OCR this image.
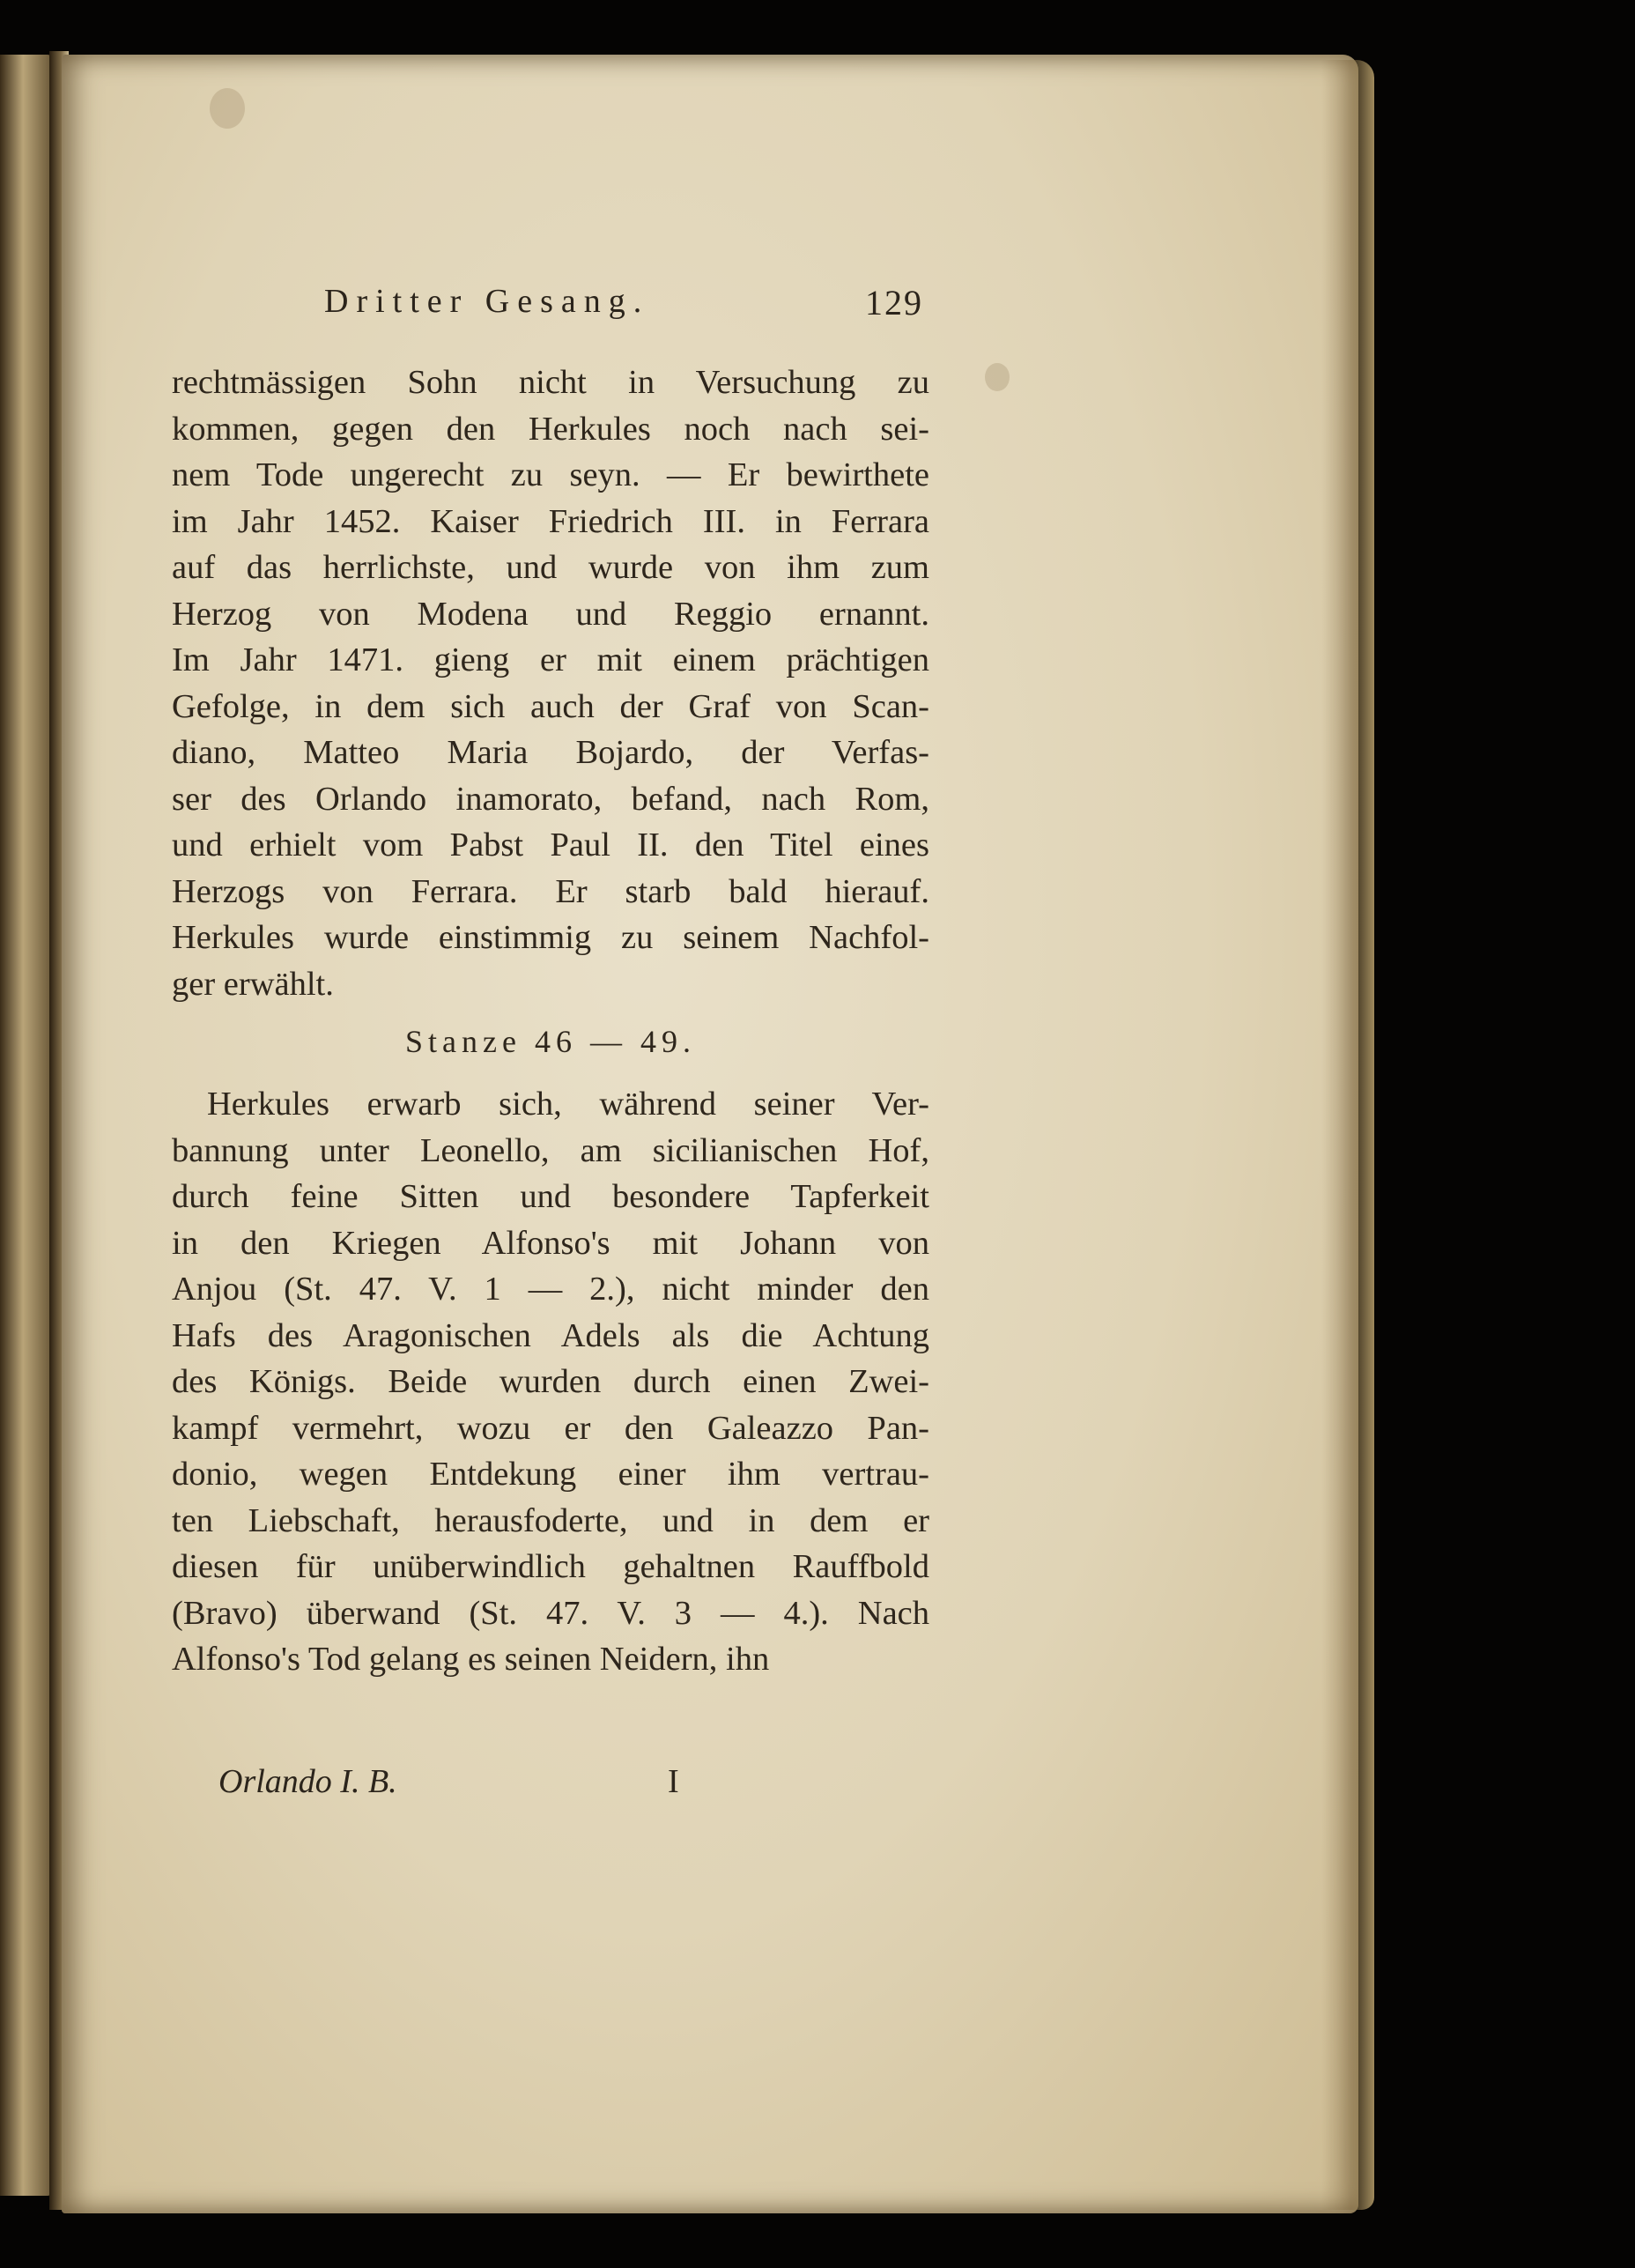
Dritter Gesang.	129
rechtmässigen Sohn nicht in Versuchung zu
kommen, gegen den Herkules noch nach sei-
nem Tode ungerecht zu seyn. — Er bewirthete
im Jahr 1452. Kaiser Friedrich III. in Ferrara
auf das herrlichste, und wurde von ihm zum
Herzog von Modena und Reggio ernannt.
Im Jahr 1471. gieng er mit einem prächtigen
Gefolge, in dem sich auch der Graf von Scan-
diano, Matteo Maria Bojardo, der Verfas-
ser des Orlando inamorato, befand, nach Rom,
und erhielt vom Pabst Paul II. den Titel eines
Herzogs von Ferrara. Er starb bald hierauf.
Herkules wurde einstimmig zu seinem Nachfol-
ger erwählt.
Stanze 46 — 49.
Herkules erwarb sich, während seiner Ver-
bannung unter Leonello, am sicilianischen Hof,
durch feine Sitten und besondere Tapferkeit
in den Kriegen Alfonso's mit Johann von
Anjou (St. 47. V. 1 — 2.), nicht minder den
Hafs des Aragonischen Adels als die Achtung
des Königs. Beide wurden durch einen Zwei-
kampf vermehrt, wozu er den Galeazzo Pan-
donio, wegen Entdekung einer ihm vertrau-
ten Liebschaft, herausfoderte, und in dem er
diesen für unüberwindlich gehaltnen Rauffbold
(Bravo) überwand (St. 47. V. 3 — 4.). Nach
Alfonso's Tod gelang es seinen Neidern, ihn
Orlando I. B.	I
